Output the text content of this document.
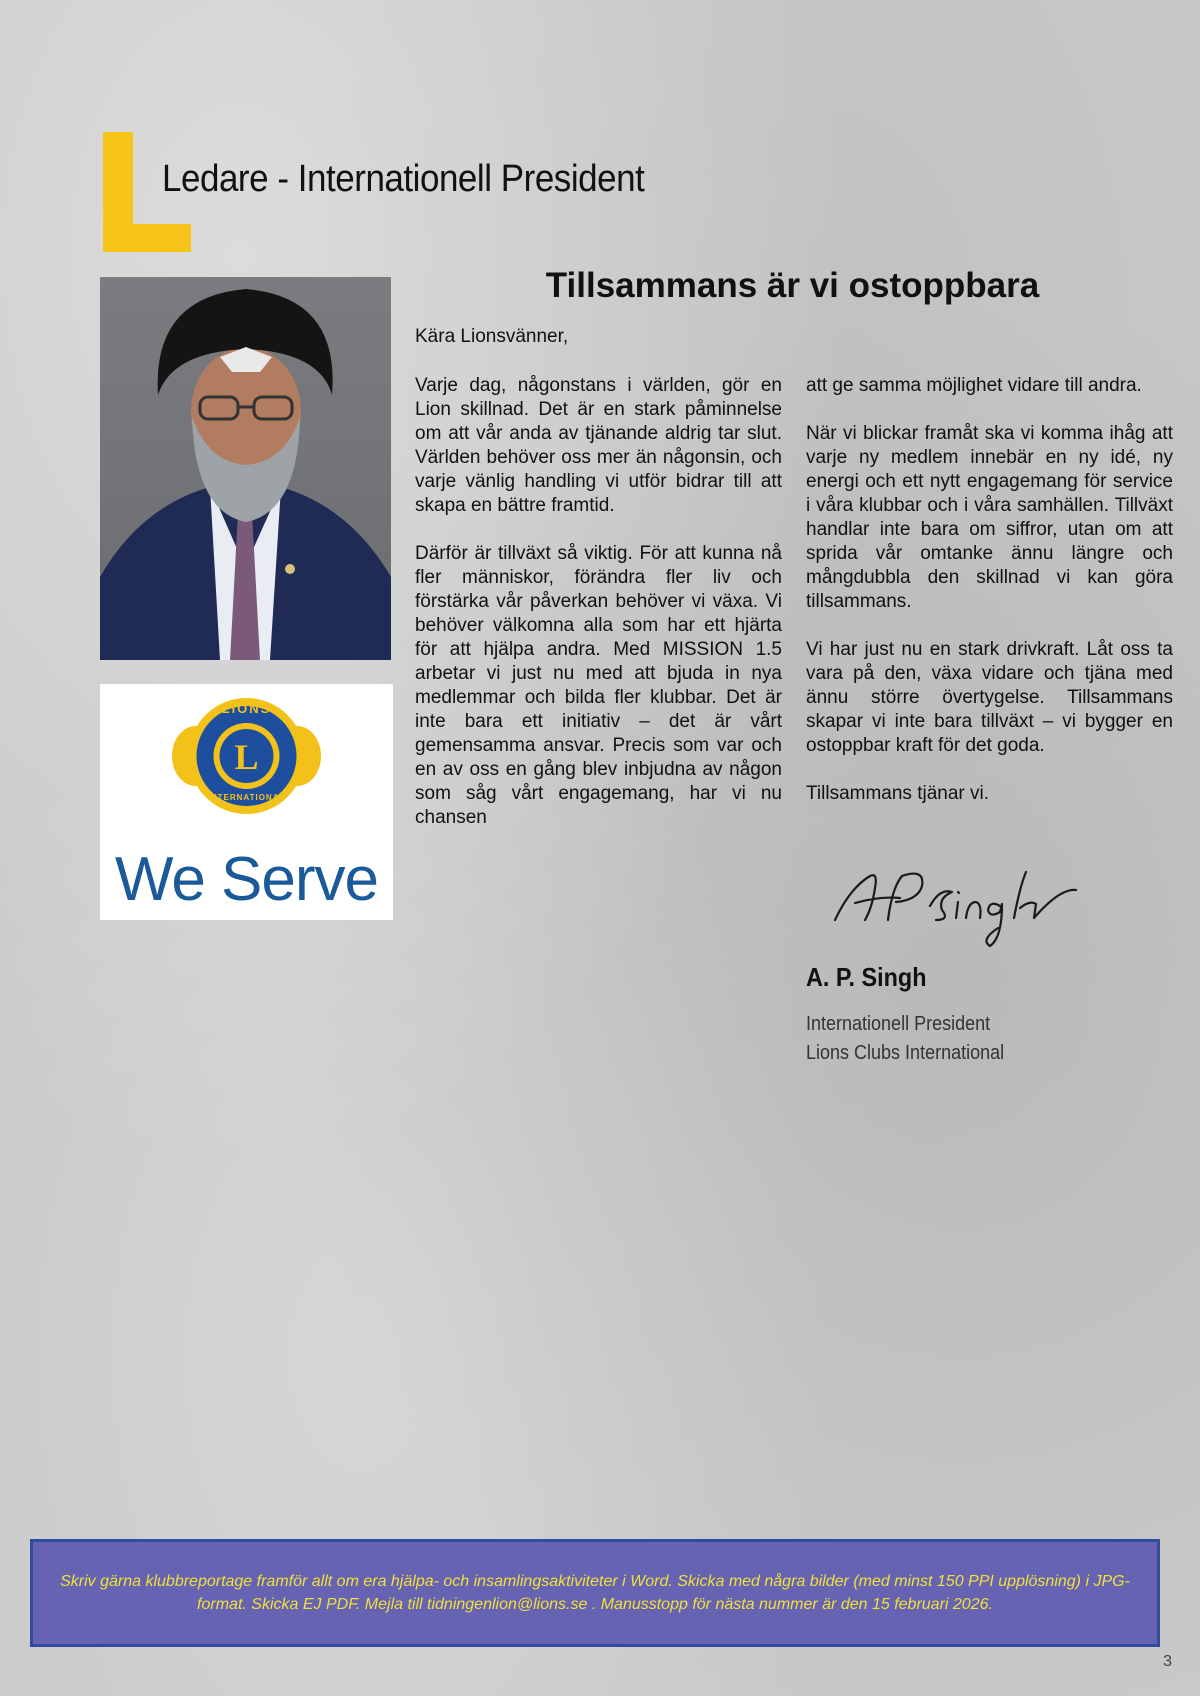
Ledare - Internationell President
LIONS
L
INTERNATIONAL
We Serve
Tillsammans är vi ostoppbara

Kära Lionsvänner,

Varje dag, någonstans i världen, gör en Lion skillnad. Det är en stark påminnelse om att vår anda av tjänande aldrig tar slut. Världen behöver oss mer än någonsin, och varje vänlig handling vi utför bidrar till att skapa en bättre framtid.

Därför är tillväxt så viktig. För att kunna nå fler människor, förändra fler liv och förstärka vår påverkan behöver vi växa. Vi behöver välkomna alla som har ett hjärta för att hjälpa andra. Med MISSION 1.5 arbetar vi just nu med att bjuda in nya medlemmar och bilda fler klubbar. Det är inte bara ett initiativ – det är vårt gemensamma ansvar. Precis som var och en av oss en gång blev inbjudna av någon som såg vårt engagemang, har vi nu chansen

att ge samma möjlighet vidare till andra.

När vi blickar framåt ska vi komma ihåg att varje ny medlem innebär en ny idé, ny energi och ett nytt engagemang för service i våra klubbar och i våra samhällen. Tillväxt handlar inte bara om siffror, utan om att sprida vår omtanke ännu längre och mångdubbla den skillnad vi kan göra tillsammans.

Vi har just nu en stark drivkraft. Låt oss ta vara på den, växa vidare och tjäna med ännu större övertygelse. Tillsammans skapar vi inte bara tillväxt – vi bygger en ostoppbar kraft för det goda.

Tillsammans tjänar vi.

A. P. Singh

Internationell President
Lions Clubs International

Skriv gärna klubbreportage framför allt om era hjälpa- och insamlingsaktiviteter i Word. Skicka med några bilder (med minst 150 PPI upplösning) i JPG-format. Skicka EJ PDF. Mejla till tidningenlion@lions.se . Manusstopp för nästa nummer är den 15 februari 2026.

3
